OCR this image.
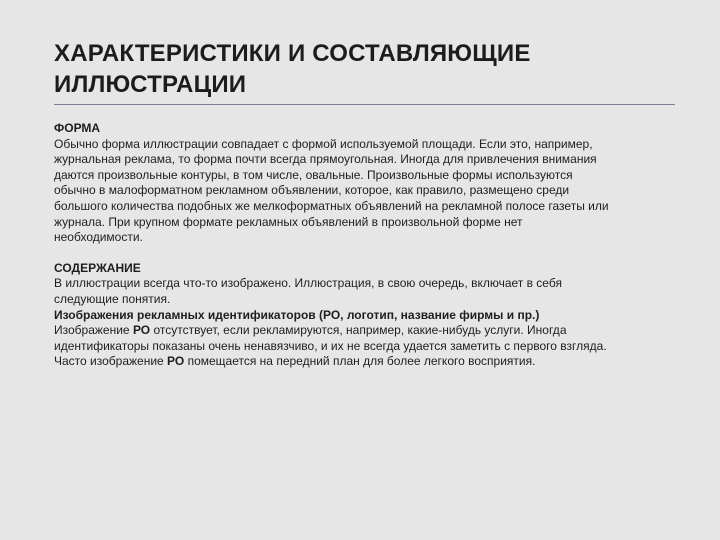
ХАРАКТЕРИСТИКИ И СОСТАВЛЯЮЩИЕ ИЛЛЮСТРАЦИИ
ФОРМА
Обычно форма иллюстрации совпадает с формой используемой площади. Если это, например, журнальная реклама, то форма почти всегда прямоугольная. Иногда для привлечения внимания даются произвольные контуры, в том числе, овальные. Произвольные формы используются обычно в малоформатном рекламном объявлении, которое, как правило, размещено среди большого количества подобных же мелкоформатных объявлений на рекламной полосе газеты или журнала. При крупном формате рекламных объявлений в произвольной форме нет необходимости.
СОДЕРЖАНИЕ
В иллюстрации всегда что-то изображено. Иллюстрация, в свою очередь, включает в себя следующие понятия.
Изображения рекламных идентификаторов (РО, логотип, название фирмы и пр.)
Изображение РО отсутствует, если рекламируются, например, какие-нибудь услуги. Иногда идентификаторы показаны очень ненавязчиво, и их не всегда удается заметить с первого взгляда. Часто изображение РО помещается на передний план для более легкого восприятия.
